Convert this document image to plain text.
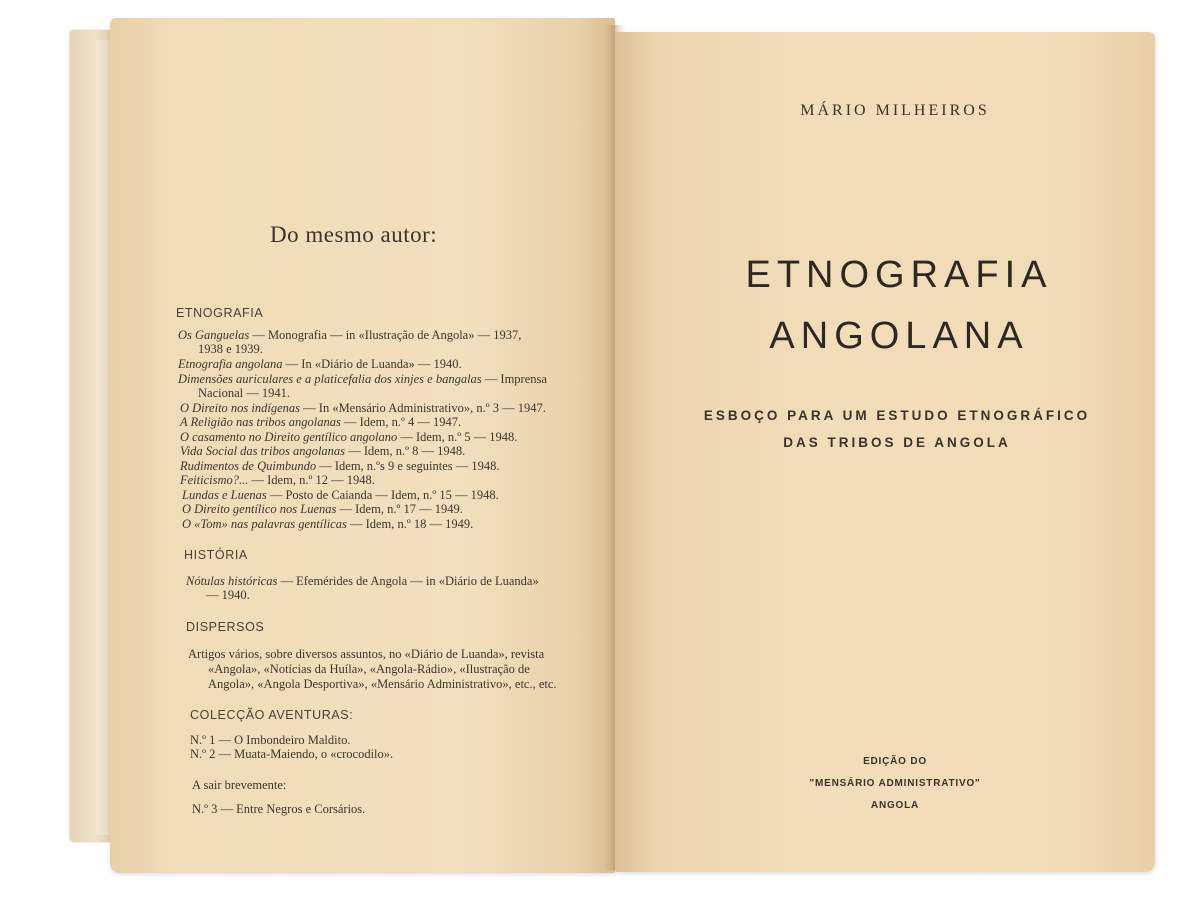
Do mesmo autor:

ETNOGRAFIA

Os Ganguelas — Monografia — in «Ilustração de Angola» — 1937,
1938 e 1939.
Etnografia angolana — In «Diário de Luanda» — 1940.
Dimensões auriculares e a platicefalia dos xinjes e bangalas — Imprensa
Nacional — 1941.
O Direito nos indígenas — In «Mensário Administrativo», n.º 3 — 1947.
A Religião nas tribos angolanas — Idem, n.º 4 — 1947.
O casamento no Direito gentílico angolano — Idem, n.º 5 — 1948.
Vida Social das tribos angolanas — Idem, n.º 8 — 1948.
Rudimentos de Quimbundo — Idem, n.ºs 9 e seguintes — 1948.
Feiticismo?... — Idem, n.º 12 — 1948.
Lundas e Luenas — Posto de Caianda — Idem, n.º 15 — 1948.
O Direito gentílico nos Luenas — Idem, n.º 17 — 1949.
O «Tom» nas palavras gentílicas — Idem, n.º 18 — 1949.

HISTÓRIA

Nótulas históricas — Efemérides de Angola — in «Diário de Luanda»
— 1940.

DISPERSOS

Artigos vários, sobre diversos assuntos, no «Diário de Luanda», revista
«Angola», «Notícias da Huíla», «Angola-Rádio», «Ilustração de
Angola», «Angola Desportiva», «Mensário Administrativo», etc., etc.

COLECÇÃO AVENTURAS:

N.º 1 — O Imbondeiro Maldito.
N.º 2 — Muata-Maiendo, o «crocodilo».
A sair brevemente:
N.º 3 — Entre Negros e Corsários.

MÁRIO MILHEIROS

ETNOGRAFIA
ANGOLANA

ESBOÇO PARA UM ESTUDO ETNOGRÁFICO

DAS TRIBOS DE ANGOLA

EDIÇÃO DO

"MENSÁRIO ADMINISTRATIVO"

ANGOLA
